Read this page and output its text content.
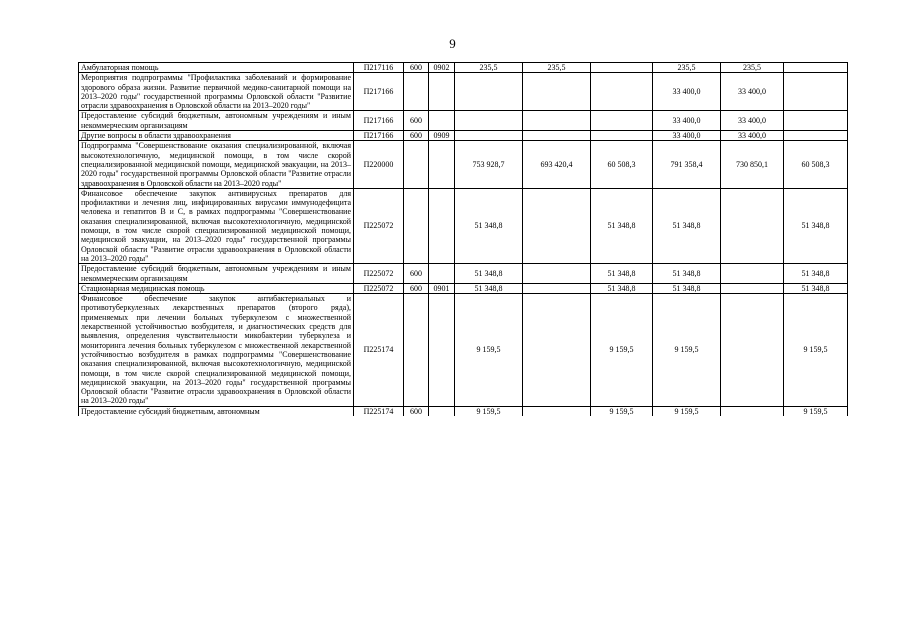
9
Амбулаторная помощь	П217116	600	0902	235,5	235,5		235,5	235,5	
Мероприятия подпрограммы "Профилактика заболеваний и формирование здорового образа жизни. Развитие первичной медико-санитарной помощи на 2013–2020 годы" государственной программы Орловской области "Развитие отрасли здравоохранения в Орловской области на 2013–2020 годы"	П217166						33 400,0	33 400,0	
Предоставление субсидий бюджетным, автономным учреждениям и иным некоммерческим организациям	П217166	600					33 400,0	33 400,0	
Другие вопросы в области здравоохранения	П217166	600	0909				33 400,0	33 400,0	
Подпрограмма "Совершенствование оказания специализированной, включая высокотехнологичную, медицинской помощи, в том числе скорой специализированной медицинской помощи, медицинской эвакуации, на 2013–2020 годы" государственной программы Орловской области "Развитие отрасли здравоохранения в Орловской области на 2013–2020 годы"	П220000			753 928,7	693 420,4	60 508,3	791 358,4	730 850,1	60 508,3
Финансовое обеспечение закупок антивирусных препаратов для профилактики и лечения лиц, инфицированных вирусами иммунодефицита человека и гепатитов В и С, в рамках подпрограммы "Совершенствование оказания специализированной, включая высокотехнологичную, медицинской помощи, в том числе скорой специализированной медицинской помощи, медицинской эвакуации, на 2013–2020 годы" государственной программы Орловской области "Развитие отрасли здравоохранения в Орловской области на 2013–2020 годы"	П225072			51 348,8		51 348,8	51 348,8		51 348,8
Предоставление субсидий бюджетным, автономным учреждениям и иным некоммерческим организациям	П225072	600		51 348,8		51 348,8	51 348,8		51 348,8
Стационарная медицинская помощь	П225072	600	0901	51 348,8		51 348,8	51 348,8		51 348,8
Финансовое обеспечение закупок антибактериальных и противотуберкулезных лекарственных препаратов (второго ряда), применяемых при лечении больных туберкулезом с множественной лекарственной устойчивостью возбудителя, и диагностических средств для выявления, определения чувствительности микобактерии туберкулеза и мониторинга лечения больных туберкулезом с множественной лекарственной устойчивостью возбудителя в рамках подпрограммы "Совершенствование оказания специализированной, включая высокотехнологичную, медицинской помощи, в том числе скорой специализированной медицинской помощи, медицинской эвакуации, на 2013–2020 годы" государственной программы Орловской области "Развитие отрасли здравоохранения в Орловской области на 2013–2020 годы"	П225174			9 159,5		9 159,5	9 159,5		9 159,5
Предоставление субсидий бюджетным, автономным	П225174	600		9 159,5		9 159,5	9 159,5		9 159,5
